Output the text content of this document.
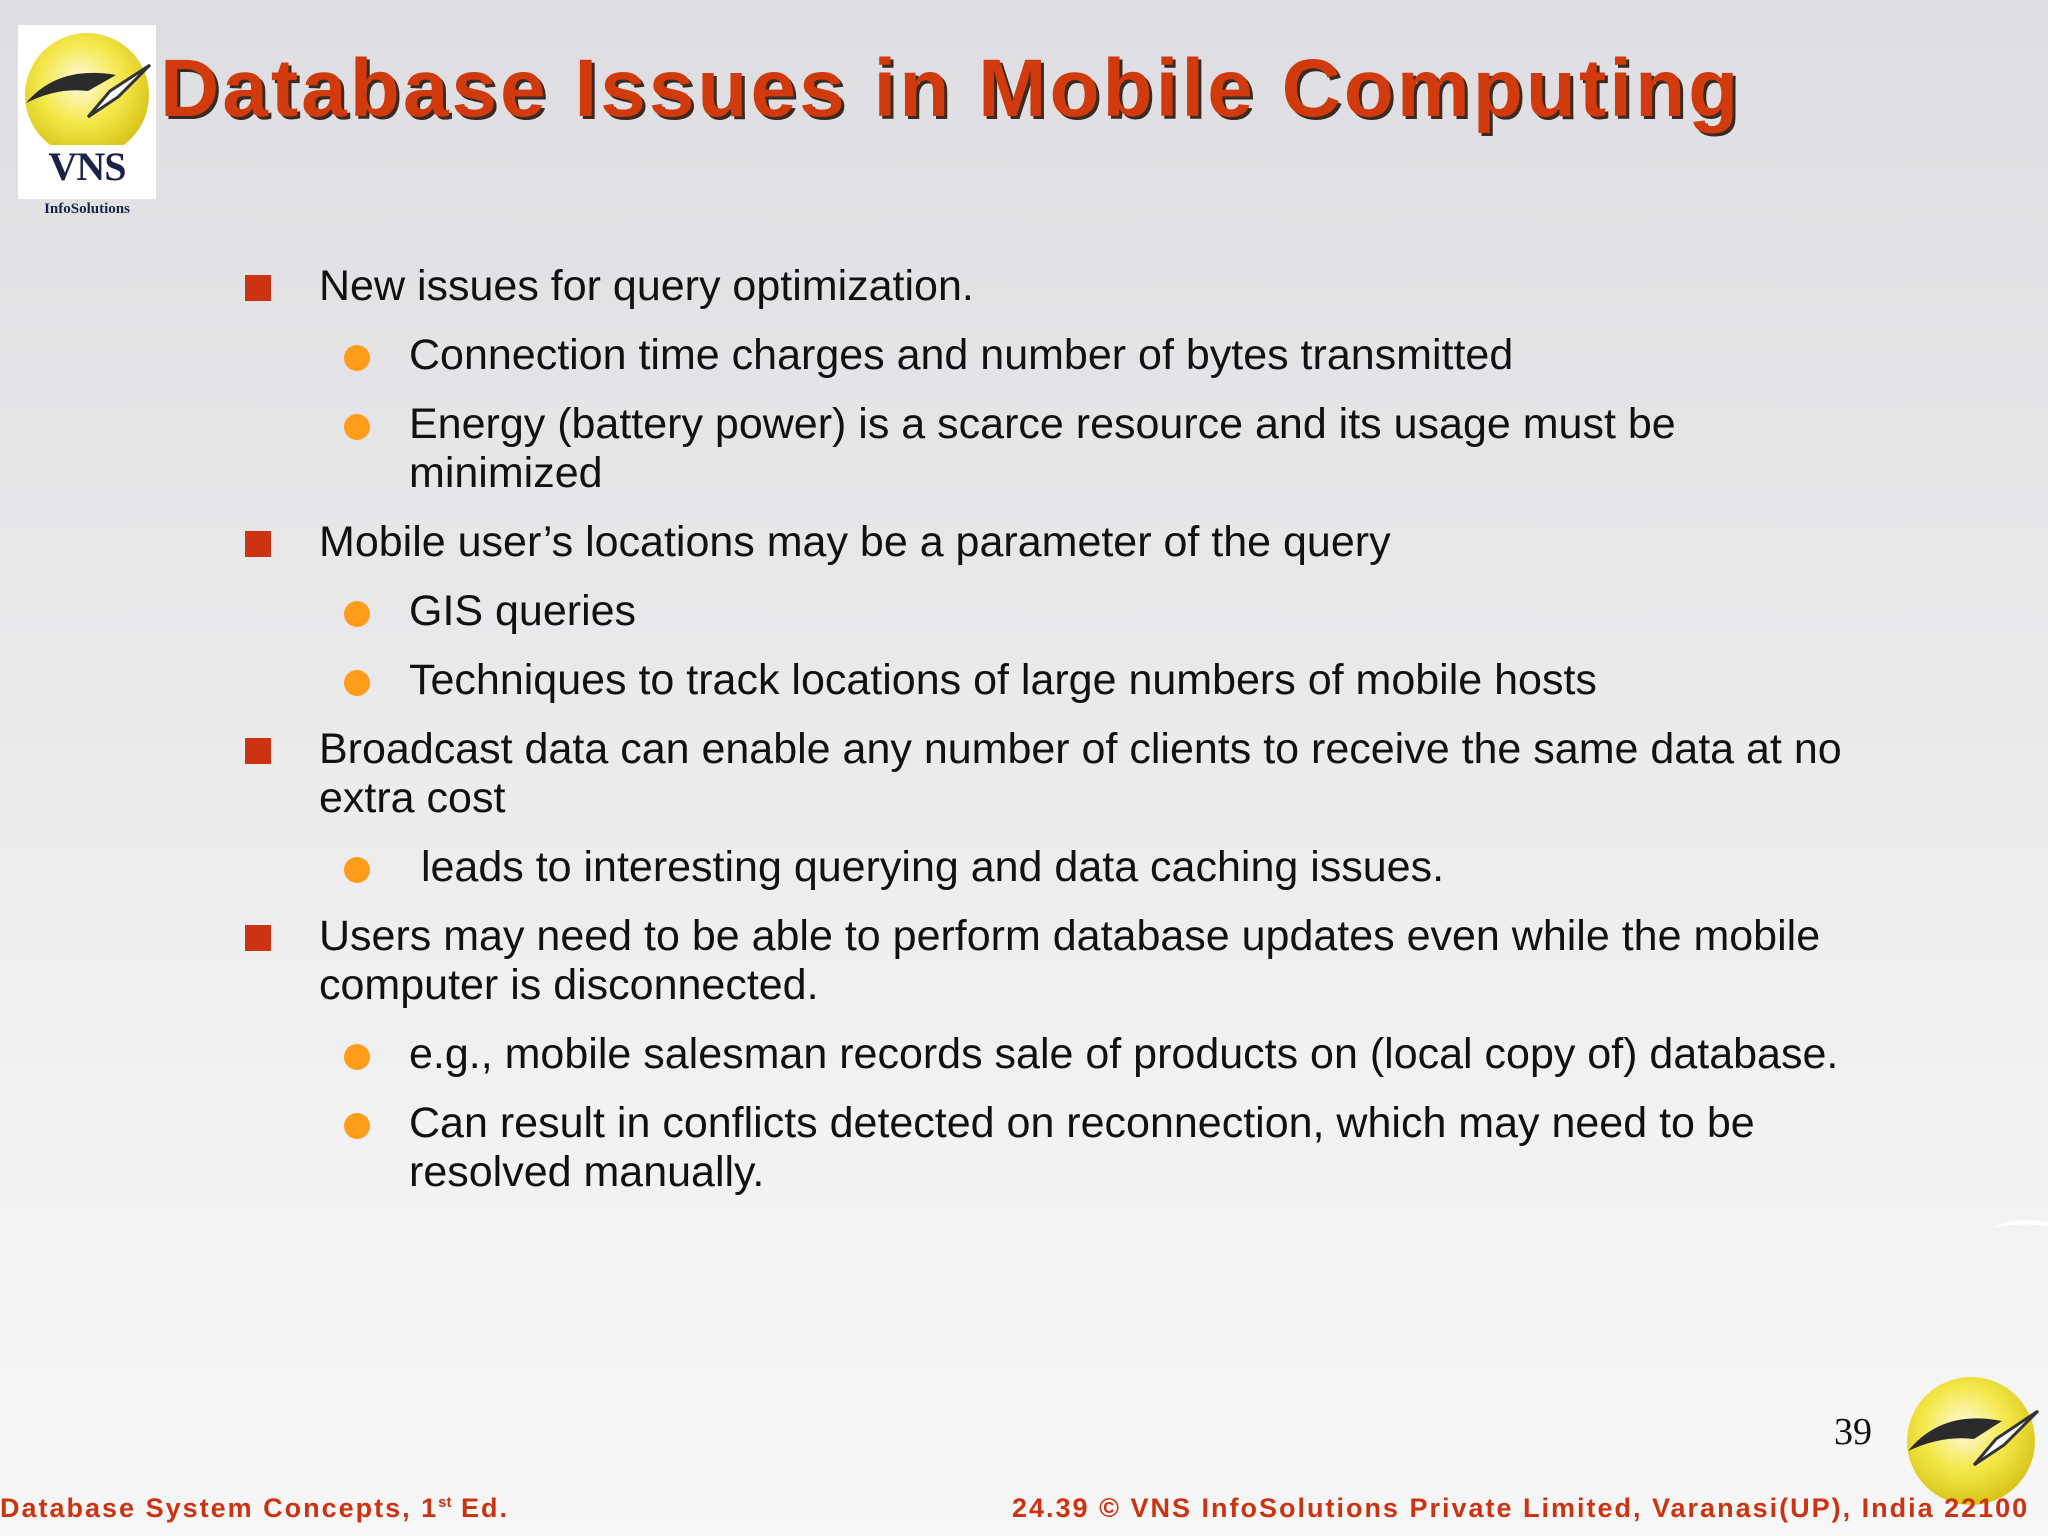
VNS
InfoSolutions
Database Issues in Mobile Computing
New issues for query optimization.
Connection time charges and number of bytes transmitted
Energy (battery power) is a scarce resource and its usage must be minimized
Mobile user’s locations may be a parameter of the query
GIS queries
Techniques to track locations of large numbers of mobile hosts
Broadcast data can enable any number of clients to receive the same data at no extra cost
leads to interesting querying and data caching issues.
Users may need to be able to perform database updates even while the mobile computer is disconnected.
e.g., mobile salesman records sale of products on (local copy of) database.
Can result in conflicts detected on reconnection, which may need to be resolved manually.
39
Database System Concepts, 1st Ed.	24.39 © VNS InfoSolutions Private Limited, Varanasi(UP), India 22100
